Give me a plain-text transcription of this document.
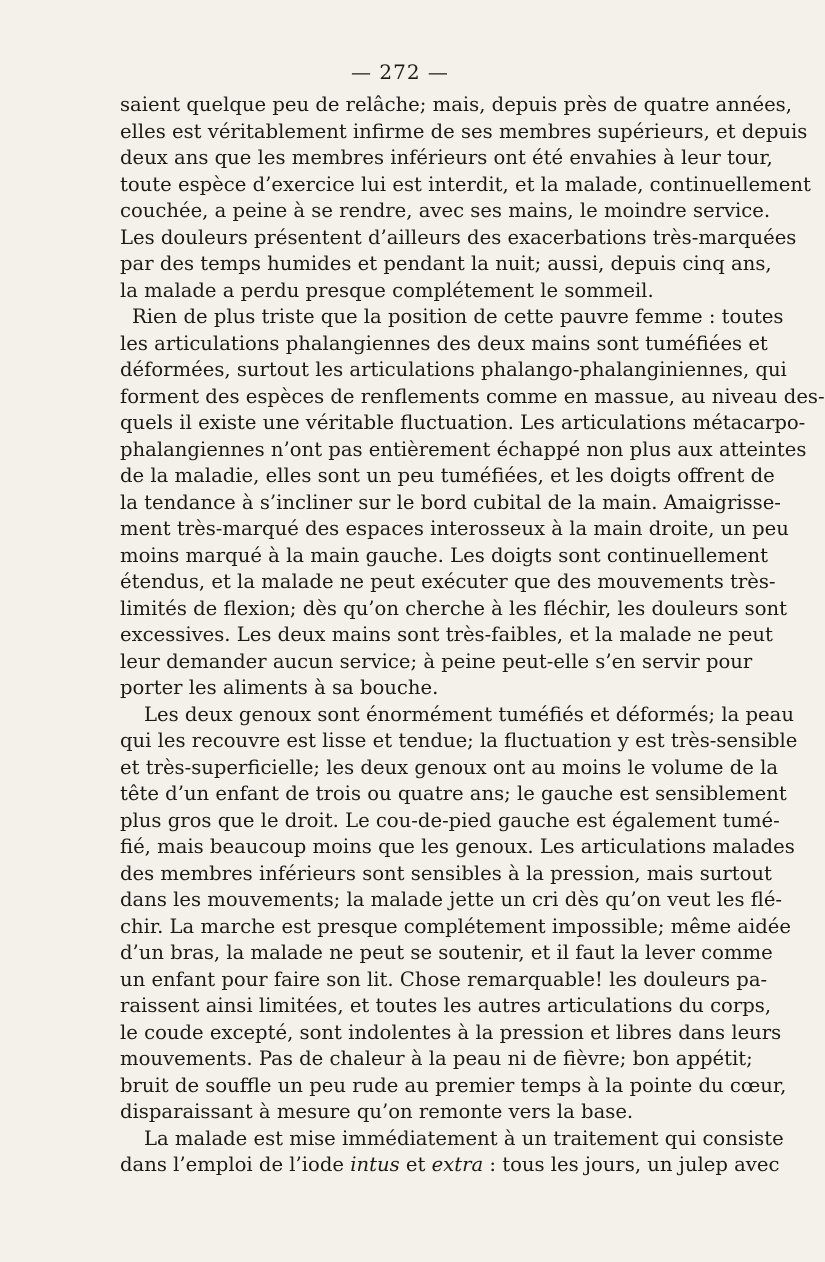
— 272 —
saient quelque peu de relâche; mais, depuis près de quatre années,
elles est véritablement infirme de ses membres supérieurs, et depuis
deux ans que les membres inférieurs ont été envahies à leur tour,
toute espèce d’exercice lui est interdit, et la malade, continuellement
couchée, a peine à se rendre, avec ses mains, le moindre service.
Les douleurs présentent d’ailleurs des exacerbations très-marquées
par des temps humides et pendant la nuit; aussi, depuis cinq ans,
la malade a perdu presque complétement le sommeil.
Rien de plus triste que la position de cette pauvre femme : toutes
les articulations phalangiennes des deux mains sont tuméfiées et
déformées, surtout les articulations phalango-phalanginiennes, qui
forment des espèces de renflements comme en massue, au niveau des-
quels il existe une véritable fluctuation. Les articulations métacarpo-
phalangiennes n’ont pas entièrement échappé non plus aux atteintes
de la maladie, elles sont un peu tuméfiées, et les doigts offrent de
la tendance à s’incliner sur le bord cubital de la main. Amaigrisse-
ment très-marqué des espaces interosseux à la main droite, un peu
moins marqué à la main gauche. Les doigts sont continuellement
étendus, et la malade ne peut exécuter que des mouvements très-
limités de flexion; dès qu’on cherche à les fléchir, les douleurs sont
excessives. Les deux mains sont très-faibles, et la malade ne peut
leur demander aucun service; à peine peut-elle s’en servir pour
porter les aliments à sa bouche.
Les deux genoux sont énormément tuméfiés et déformés; la peau
qui les recouvre est lisse et tendue; la fluctuation y est très-sensible
et très-superficielle; les deux genoux ont au moins le volume de la
tête d’un enfant de trois ou quatre ans; le gauche est sensiblement
plus gros que le droit. Le cou-de-pied gauche est également tumé-
fié, mais beaucoup moins que les genoux. Les articulations malades
des membres inférieurs sont sensibles à la pression, mais surtout
dans les mouvements; la malade jette un cri dès qu’on veut les flé-
chir. La marche est presque complétement impossible; même aidée
d’un bras, la malade ne peut se soutenir, et il faut la lever comme
un enfant pour faire son lit. Chose remarquable! les douleurs pa-
raissent ainsi limitées, et toutes les autres articulations du corps,
le coude excepté, sont indolentes à la pression et libres dans leurs
mouvements. Pas de chaleur à la peau ni de fièvre; bon appétit;
bruit de souffle un peu rude au premier temps à la pointe du cœur,
disparaissant à mesure qu’on remonte vers la base.
La malade est mise immédiatement à un traitement qui consiste
dans l’emploi de l’iode intus et extra : tous les jours, un julep avec
